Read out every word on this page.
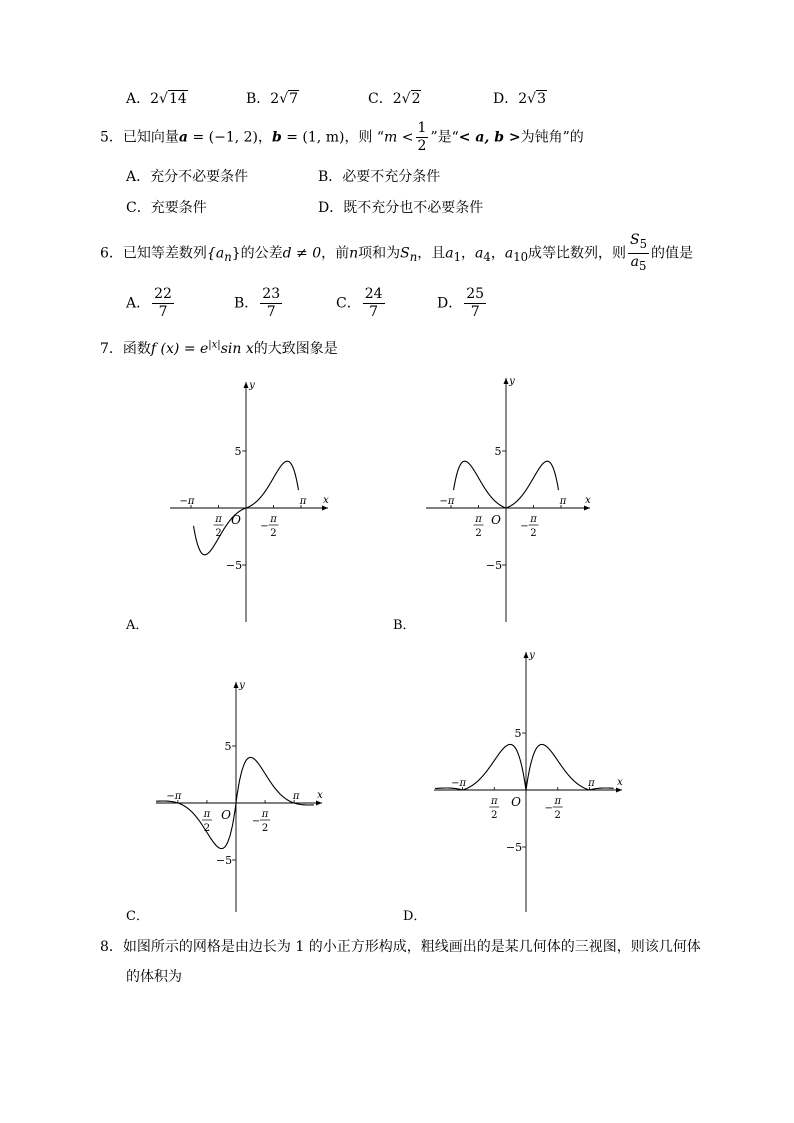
A．2√14	B．2√7	C．2√2	D．2√3
5．已知向量a = (−1, 2)，b = (1, m)，则 “$m < \frac{1}{2}$ ”是“< a, b >为钝角”的
A．充分不必要条件	B．必要不充分条件
C．充要条件	D．既不充分也不必要条件
6．已知等差数列$\{a_n\}$的公差d ≠ 0，前n项和为$S_n$，且$a_1$，$a_4$，$a_{10}$成等比数列，则 $\frac{S_5}{a_5}$ 的值是
A． $\frac{22}{7}$	B． $\frac{23}{7}$	C． $\frac{24}{7}$	D． $\frac{25}{7}$
7．函数f $(x) = e^{|x|}\sin$ x的大致图象是
x
y
5
−5
−π	π
π
2
−
π
2
O
x
y
5
−5
−π	π
π
2
−
π
2
O
x
y
5
−5
−π	π
π
2
−
π
2
O
x
y
5
−5
−π	π
π
2
−
π
2
O
A．	B．
C．	D．
8．如图所示的网格是由边长为 1 的小正方形构成，粗线画出的是某几何体的三视图，则该几何体
的体积为
